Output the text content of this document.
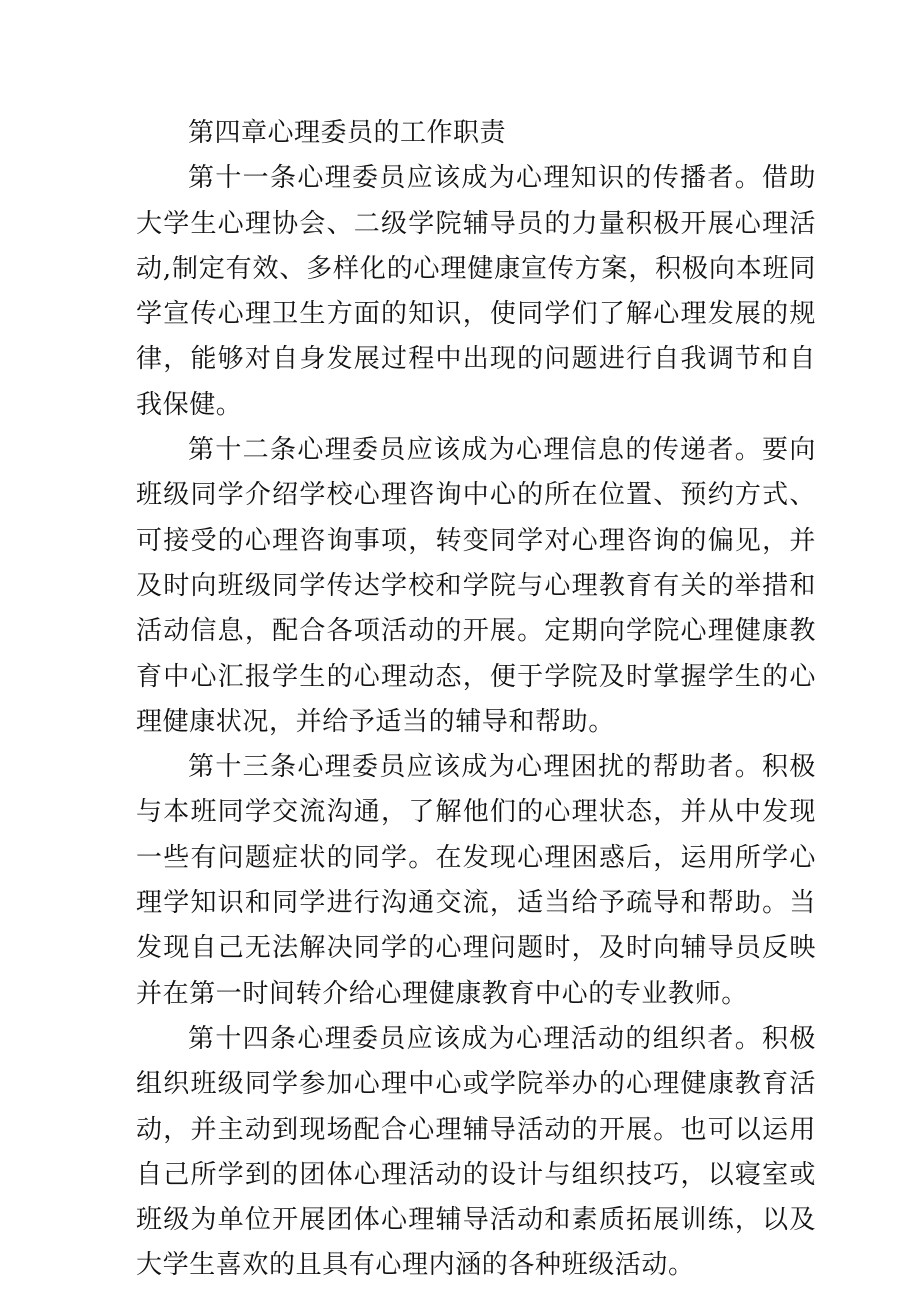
第四章心理委员的工作职责

第十一条心理委员应该成为心理知识的传播者。借助大学生心理协会、二级学院辅导员的力量积极开展心理活动,制定有效、多样化的心理健康宣传方案，积极向本班同学宣传心理卫生方面的知识，使同学们了解心理发展的规律，能够对自身发展过程中出现的问题进行自我调节和自我保健。

第十二条心理委员应该成为心理信息的传递者。要向班级同学介绍学校心理咨询中心的所在位置、预约方式、可接受的心理咨询事项，转变同学对心理咨询的偏见，并及时向班级同学传达学校和学院与心理教育有关的举措和活动信息，配合各项活动的开展。定期向学院心理健康教育中心汇报学生的心理动态，便于学院及时掌握学生的心理健康状况，并给予适当的辅导和帮助。

第十三条心理委员应该成为心理困扰的帮助者。积极与本班同学交流沟通，了解他们的心理状态，并从中发现一些有问题症状的同学。在发现心理困惑后，运用所学心理学知识和同学进行沟通交流，适当给予疏导和帮助。当发现自己无法解决同学的心理问题时，及时向辅导员反映并在第一时间转介给心理健康教育中心的专业教师。

第十四条心理委员应该成为心理活动的组织者。积极组织班级同学参加心理中心或学院举办的心理健康教育活动，并主动到现场配合心理辅导活动的开展。也可以运用自己所学到的团体心理活动的设计与组织技巧，以寝室或班级为单位开展团体心理辅导活动和素质拓展训练，以及大学生喜欢的且具有心理内涵的各种班级活动。
